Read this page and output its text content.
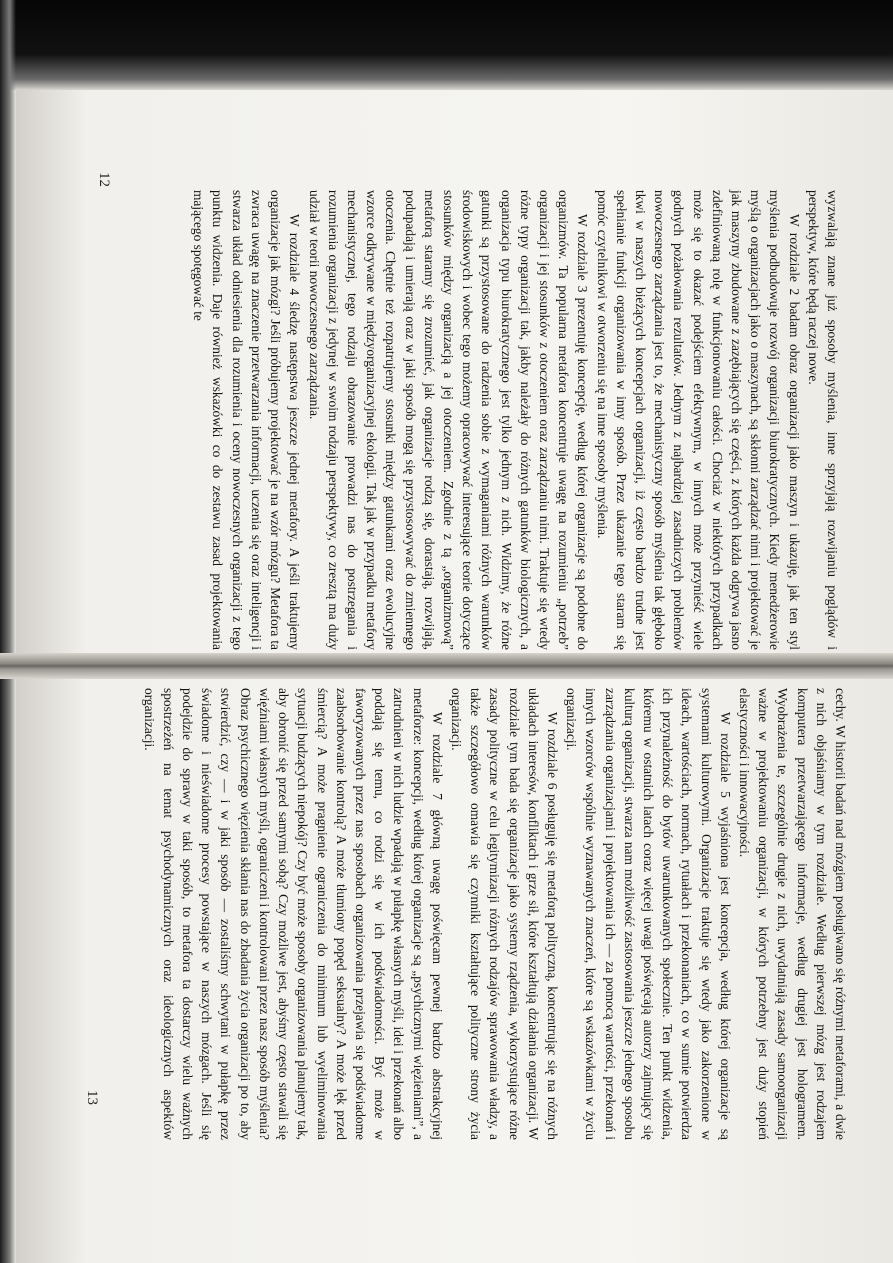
wyzwalają znane już sposoby myślenia, inne sprzyjają rozwijaniu poglądów i perspektyw, które będą raczej nowe.

W rozdziale 2 badam obraz organizacji jako maszyn i ukazuję, jak ten styl myślenia podbudowuje rozwój organizacji biurokratycznych. Kiedy menedżerowie myślą o organizacjach jako o maszynach, są skłonni zarządzać nimi i projektować je jak maszyny zbudowane z zazębiających się części, z których każda odgrywa jasno zdefiniowaną rolę w funkcjonowaniu całości. Chociaż w niektórych przypadkach może się to okazać podejściem efektywnym, w innych może przynieść wiele godnych pożałowania rezultatów. Jednym z najbardziej zasadniczych problemów nowoczesnego zarządzania jest to, że mechanistyczny sposób myślenia tak głęboko tkwi w naszych bieżących koncepcjach organizacji, iż często bardzo trudne jest spełnianie funkcji organizowania w inny sposób. Przez ukazanie tego staram się pomóc czytelnikowi w otworzeniu się na inne sposoby myślenia.

W rozdziale 3 prezentuję koncepcję, według której organizacje są podobne do organizmów. Ta popularna metafora koncentruje uwagę na rozumieniu „potrzeb” organizacji i jej stosunków z otoczeniem oraz zarządzaniu nimi. Traktuje się wtedy różne typy organizacji tak, jakby należały do różnych gatunków biologicznych, a organizacja typu biurokratycznego jest tylko jednym z nich. Widzimy, że różne gatunki są przystosowane do radzenia sobie z wymaganiami różnych warunków środowiskowych i wobec tego możemy opracowywać interesujące teorie dotyczące stosunków między organizacją a jej otoczeniem. Zgodnie z tą „organizmową” metaforą staramy się zrozumieć, jak organizacje rodzą się, dorastają, rozwijają, podupadają i umierają oraz w jaki sposób mogą się przystosowywać do zmiennego otoczenia. Chętnie też rozpatrujemy stosunki między gatunkami oraz ewolucyjne wzorce odkrywane w międzyorganizacyjnej ekologii. Tak jak w przypadku metafory mechanistycznej, tego rodzaju obrazowanie prowadzi nas do postrzegania i rozumienia organizacji z jedynej w swoim rodzaju perspektywy, co zresztą ma duży udział w teorii nowoczesnego zarządzania.

W rozdziale 4 śledzę następstwa jeszcze jednej metafory. A jeśli traktujemy organizacje jak mózgi? Jeśli próbujemy projektować je na wzór mózgu? Metafora ta zwraca uwagę na znaczenie przetwarzania informacji, uczenia się oraz inteligencji i stwarza układ odniesienia dla rozumienia i oceny nowoczesnych organizacji z tego punktu widzenia. Daje również wskazówki co do zestawu zasad projektowania mającego spotęgować te

12

cechy. W historii badań nad mózgiem posługiwano się różnymi metaforami, a dwie z nich objaśniamy w tym rozdziale. Według pierwszej mózg jest rodzajem komputera przetwarzającego informacje, według drugiej jest hologramem. Wyobrażenia te, szczególnie drugie z nich, uwydatniają zasady samoorganizacji ważne w projektowaniu organizacji, w których potrzebny jest duży stopień elastyczności i innowacyjności.

W rozdziale 5 wyjaśniona jest koncepcja, według której organizacje są systemami kulturowymi. Organizacje traktuje się wtedy jako zakorzenione w ideach, wartościach, normach, rytuałach i przekonaniach, co w sumie potwierdza ich przynależność do bytów uwarunkowanych społecznie. Ten punkt widzenia, któremu w ostatnich latach coraz więcej uwagi poświęcają autorzy zajmujący się kulturą organizacji, stwarza nam możliwość zastosowania jeszcze jednego sposobu zarządzania organizacjami i projektowania ich — za pomocą wartości, przekonań i innych wzorców wspólnie wyznawanych znaczeń, które są wskazówkami w życiu organizacji.

W rozdziale 6 posługuję się metaforą polityczną, koncentrując się na różnych układach interesów, konfliktach i grze sił, które kształtują działania organizacji. W rozdziale tym bada się organizacje jako systemy rządzenia, wykorzystujące różne zasady polityczne w celu legitymizacji różnych rodzajów sprawowania władzy, a także szczegółowo omawia się czynniki kształtujące polityczne strony życia organizacji.

W rozdziale 7 główną uwagę poświęcam pewnej bardzo abstrakcyjnej metaforze: koncepcji, według której organizacje są „psychicznymi więzieniami”, a zatrudnieni w nich ludzie wpadają w pułapkę własnych myśli, idei i przekonań albo poddają się temu, co rodzi się w ich podświadomości. Być może w faworyzowanych przez nas sposobach organizowania przejawia się podświadome zaabsorbowanie kontrolą? A może tłumiony popęd seksualny? A może lęk przed śmiercią? A może pragnienie ograniczenia do minimum lub wyeliminowania sytuacji budzących niepokój? Czy być może sposoby organizowania planujemy tak, aby obronić się przed samymi sobą? Czy możliwe jest, abyśmy często stawali się więźniami własnych myśli, ograniczeni i kontrolowani przez nasz sposób myślenia? Obraz psychicznego więzienia skłania nas do zbadania życia organizacji po to, aby stwierdzić, czy — i w jaki sposób — zostaliśmy schwytani w pułapkę przez świadome i nieświadome procesy powstające w naszych mózgach. Jeśli się podejdzie do sprawy w taki sposób, to metafora ta dostarczy wielu ważnych spostrzeżeń na temat psychodynamicznych oraz ideologicznych aspektów organizacji.

13
